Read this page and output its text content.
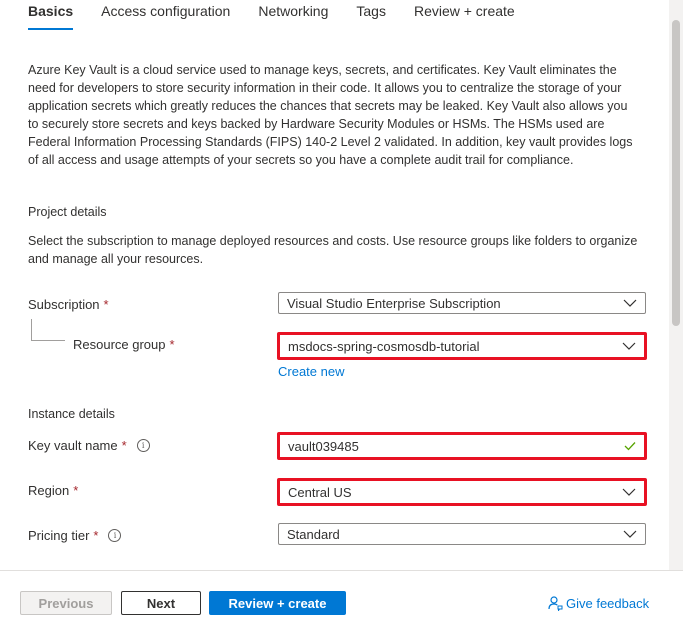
Basics Access configuration Networking Tags Review + create
Azure Key Vault is a cloud service used to manage keys, secrets, and certificates. Key Vault eliminates the need for developers to store security information in their code. It allows you to centralize the storage of your application secrets which greatly reduces the chances that secrets may be leaked. Key Vault also allows you to securely store secrets and keys backed by Hardware Security Modules or HSMs. The HSMs used are Federal Information Processing Standards (FIPS) 140-2 Level 2 validated. In addition, key vault provides logs of all access and usage attempts of your secrets so you have a complete audit trail for compliance.
Project details
Select the subscription to manage deployed resources and costs. Use resource groups like folders to organize and manage all your resources.
Subscription *	Visual Studio Enterprise Subscription
Resource group *	msdocs-spring-cosmosdb-tutorial
Create new
Instance details
Key vault name *	i	vault039485
Region *	Central US
Pricing tier *	i	Standard
Previous	Next	Review + create	Give feedback
